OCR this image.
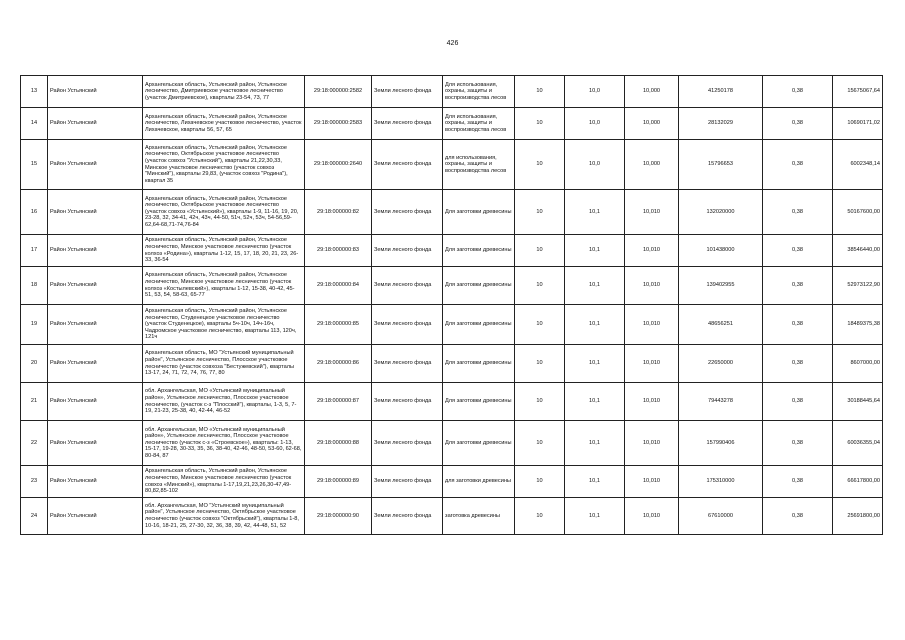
426
13	Район Устьянский	Архангельская область, Устьянский район, Устьянское лесничество, Дмитриевское участковое лесничество (участок Дмитриевское), кварталы 23-54, 73, 77	29:18:000000:2582	Земли лесного фонда	Для использования, охраны, защиты и воспроизводства лесов	10	10,0	10,000	41250178	0,38	15675067,64
14	Район Устьянский	Архангельская область, Устьянский район, Устьянское лесничество, Лихачевское участковое лесничество, участок Лихачевское, кварталы 56, 57, 65	29:18:000000:2583	Земли лесного фонда	Для использования, охраны, защиты и воспроизводства лесов	10	10,0	10,000	28132029	0,38	10690171,02
15	Район Устьянский	Архангельская область, Устьянский район, Устьянское лесничество, Октябрьское участковое лесничество (участок совхоз "Устьянский"), кварталы 21,22,30,33, Минское участковое лесничество (участок совхоз "Минский"), кварталы 29,83, (участок совхоз "Родина"), квартал 35	29:18:000000:2640	Земли лесного фонда	для использования, охраны, защиты и воспроизводства лесов	10	10,0	10,000	15796653	0,38	6002348,14
16	Район Устьянский	Архангельская область, Устьянский район, Устьянское лесничество, Октябрьское участковое лесничество (участок совхоз «Устьянский»), кварталы 1-9, 11-16, 19, 20, 23-28, 32, 34-41, 42ч, 43ч, 44-50, 51ч, 52ч, 53ч, 54-56,59-62,64-68,71-74,76-84	29:18:000000:82	Земли лесного фонда	Для заготовки древесины	10	10,1	10,010	132020000	0,38	50167600,00
17	Район Устьянский	Архангельская область, Устьянский район, Устьянское лесничество, Минское участковое лесничество (участок колхоз «Родина»), кварталы 1-12, 15, 17, 18, 20, 21, 23, 26-33, 36-54	29:18:000000:83	Земли лесного фонда	Для заготовки древесины	10	10,1	10,010	101438000	0,38	38546440,00
18	Район Устьянский	Архангельская область, Устьянский район, Устьянское лесничество, Минское участковое лесничество (участок колхоз «Костылевский»), кварталы 1-12, 15-38, 40-42, 45-51, 53, 54, 58-63, 65-77	29:18:000000:84	Земли лесного фонда	Для заготовки древесины	10	10,1	10,010	139402955	0,38	52973122,90
19	Район Устьянский	Архангельская область, Устьянский район, Устьянское лесничество, Студенецкое участковое лесничество (участок Студенецкое), кварталы 5ч-10ч, 14ч-16ч, Чадромское участковое лесничество, кварталы 113, 120ч, 121ч	29:18:000000:85	Земли лесного фонда	Для заготовки древесины	10	10,1	10,010	48656251	0,38	18489375,38
20	Район Устьянский	Архангельская область, МО "Устьянский муниципальный район", Устьянское лесничество, Плосское участковое лесничество (участок совхоза "Бестужевский"), кварталы 13-17, 24, 71, 72, 74, 76, 77, 80	29:18:000000:86	Земли лесного фонда	Для заготовки древесины	10	10,1	10,010	22650000	0,38	8607000,00
21	Район Устьянский	обл. Архангельская, МО «Устьянский муниципальный район», Устьянское лесничество, Плосское участковое лесничество, (участок с-з "Плосский"), кварталы, 1-3, 5, 7-19, 21-23, 25-38, 40, 42-44, 46-52	29:18:000000:87	Земли лесного фонда	Для заготовки древесины	10	10,1	10,010	79443278	0,38	30188445,64
22	Район Устьянский	обл. Архангельская, МО «Устьянский муниципальный район», Устьянское лесничество, Плосское участковое лесничество (участок с-з «Строевское»), кварталы: 1-13, 15-17, 19-28, 30-33, 35, 36, 38-40, 42-46, 48-50, 53-60, 62-68, 80-84, 87	29:18:000000:88	Земли лесного фонда	Для заготовки древесины	10	10,1	10,010	157990406	0,38	60036355,04
23	Район Устьянский	Архангельская область, Устьянский район, Устьянское лесничество, Минское участковое лесничество (участок совхоз «Минский»), кварталы 1-17,19,21,23,26,30-47,49-80,82,85-102	29:18:000000:89	Земли лесного фонда	для заготовки древесины	10	10,1	10,010	175310000	0,38	66617800,00
24	Район Устьянский	обл. Архангельская, МО "Устьянский муниципальный район", Устьянское лесничество, Октябрьское участковое лесничество (участок совхоз "Октябрьский"), кварталы 1-8, 10-16, 18-21, 25, 27-30, 32, 36, 38, 39, 42, 44-48, 51, 52	29:18:000000:90	Земли лесного фонда	заготовка древесины	10	10,1	10,010	67610000	0,38	25691800,00
